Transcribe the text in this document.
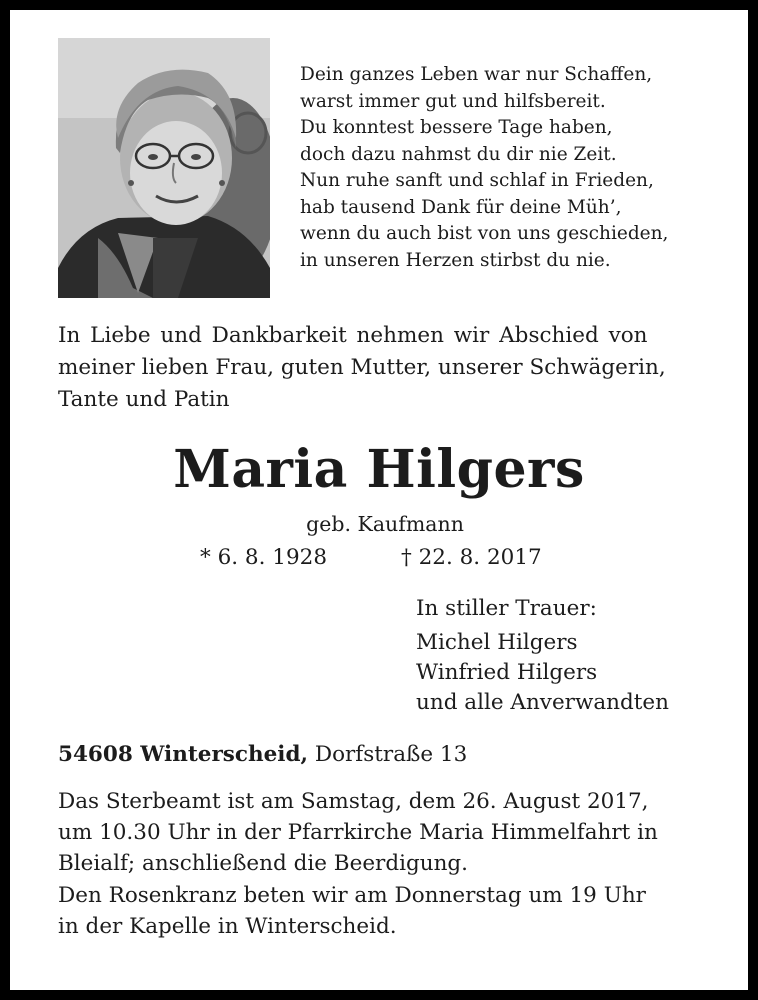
Dein ganzes Leben war nur Schaffen,
warst immer gut und hilfsbereit.
Du konntest bessere Tage haben,
doch dazu nahmst du dir nie Zeit.
Nun ruhe sanft und schlaf in Frieden,
hab tausend Dank für deine Müh’,
wenn du auch bist von uns geschieden,
in unseren Herzen stirbst du nie.
In Liebe und Dankbarkeit nehmen wir Abschied von
meiner lieben Frau, guten Mutter, unserer Schwägerin,
Tante und Patin
Maria Hilgers
geb. Kaufmann
* 6. 8. 1928	† 22. 8. 2017
In stiller Trauer:
Michel Hilgers
Winfried Hilgers
und alle Anverwandten
54608 Winterscheid, Dorfstraße 13
Das Sterbeamt ist am Samstag, dem 26. August 2017,
um 10.30 Uhr in der Pfarrkirche Maria Himmelfahrt in
Bleialf; anschließend die Beerdigung.
Den Rosenkranz beten wir am Donnerstag um 19 Uhr
in der Kapelle in Winterscheid.
